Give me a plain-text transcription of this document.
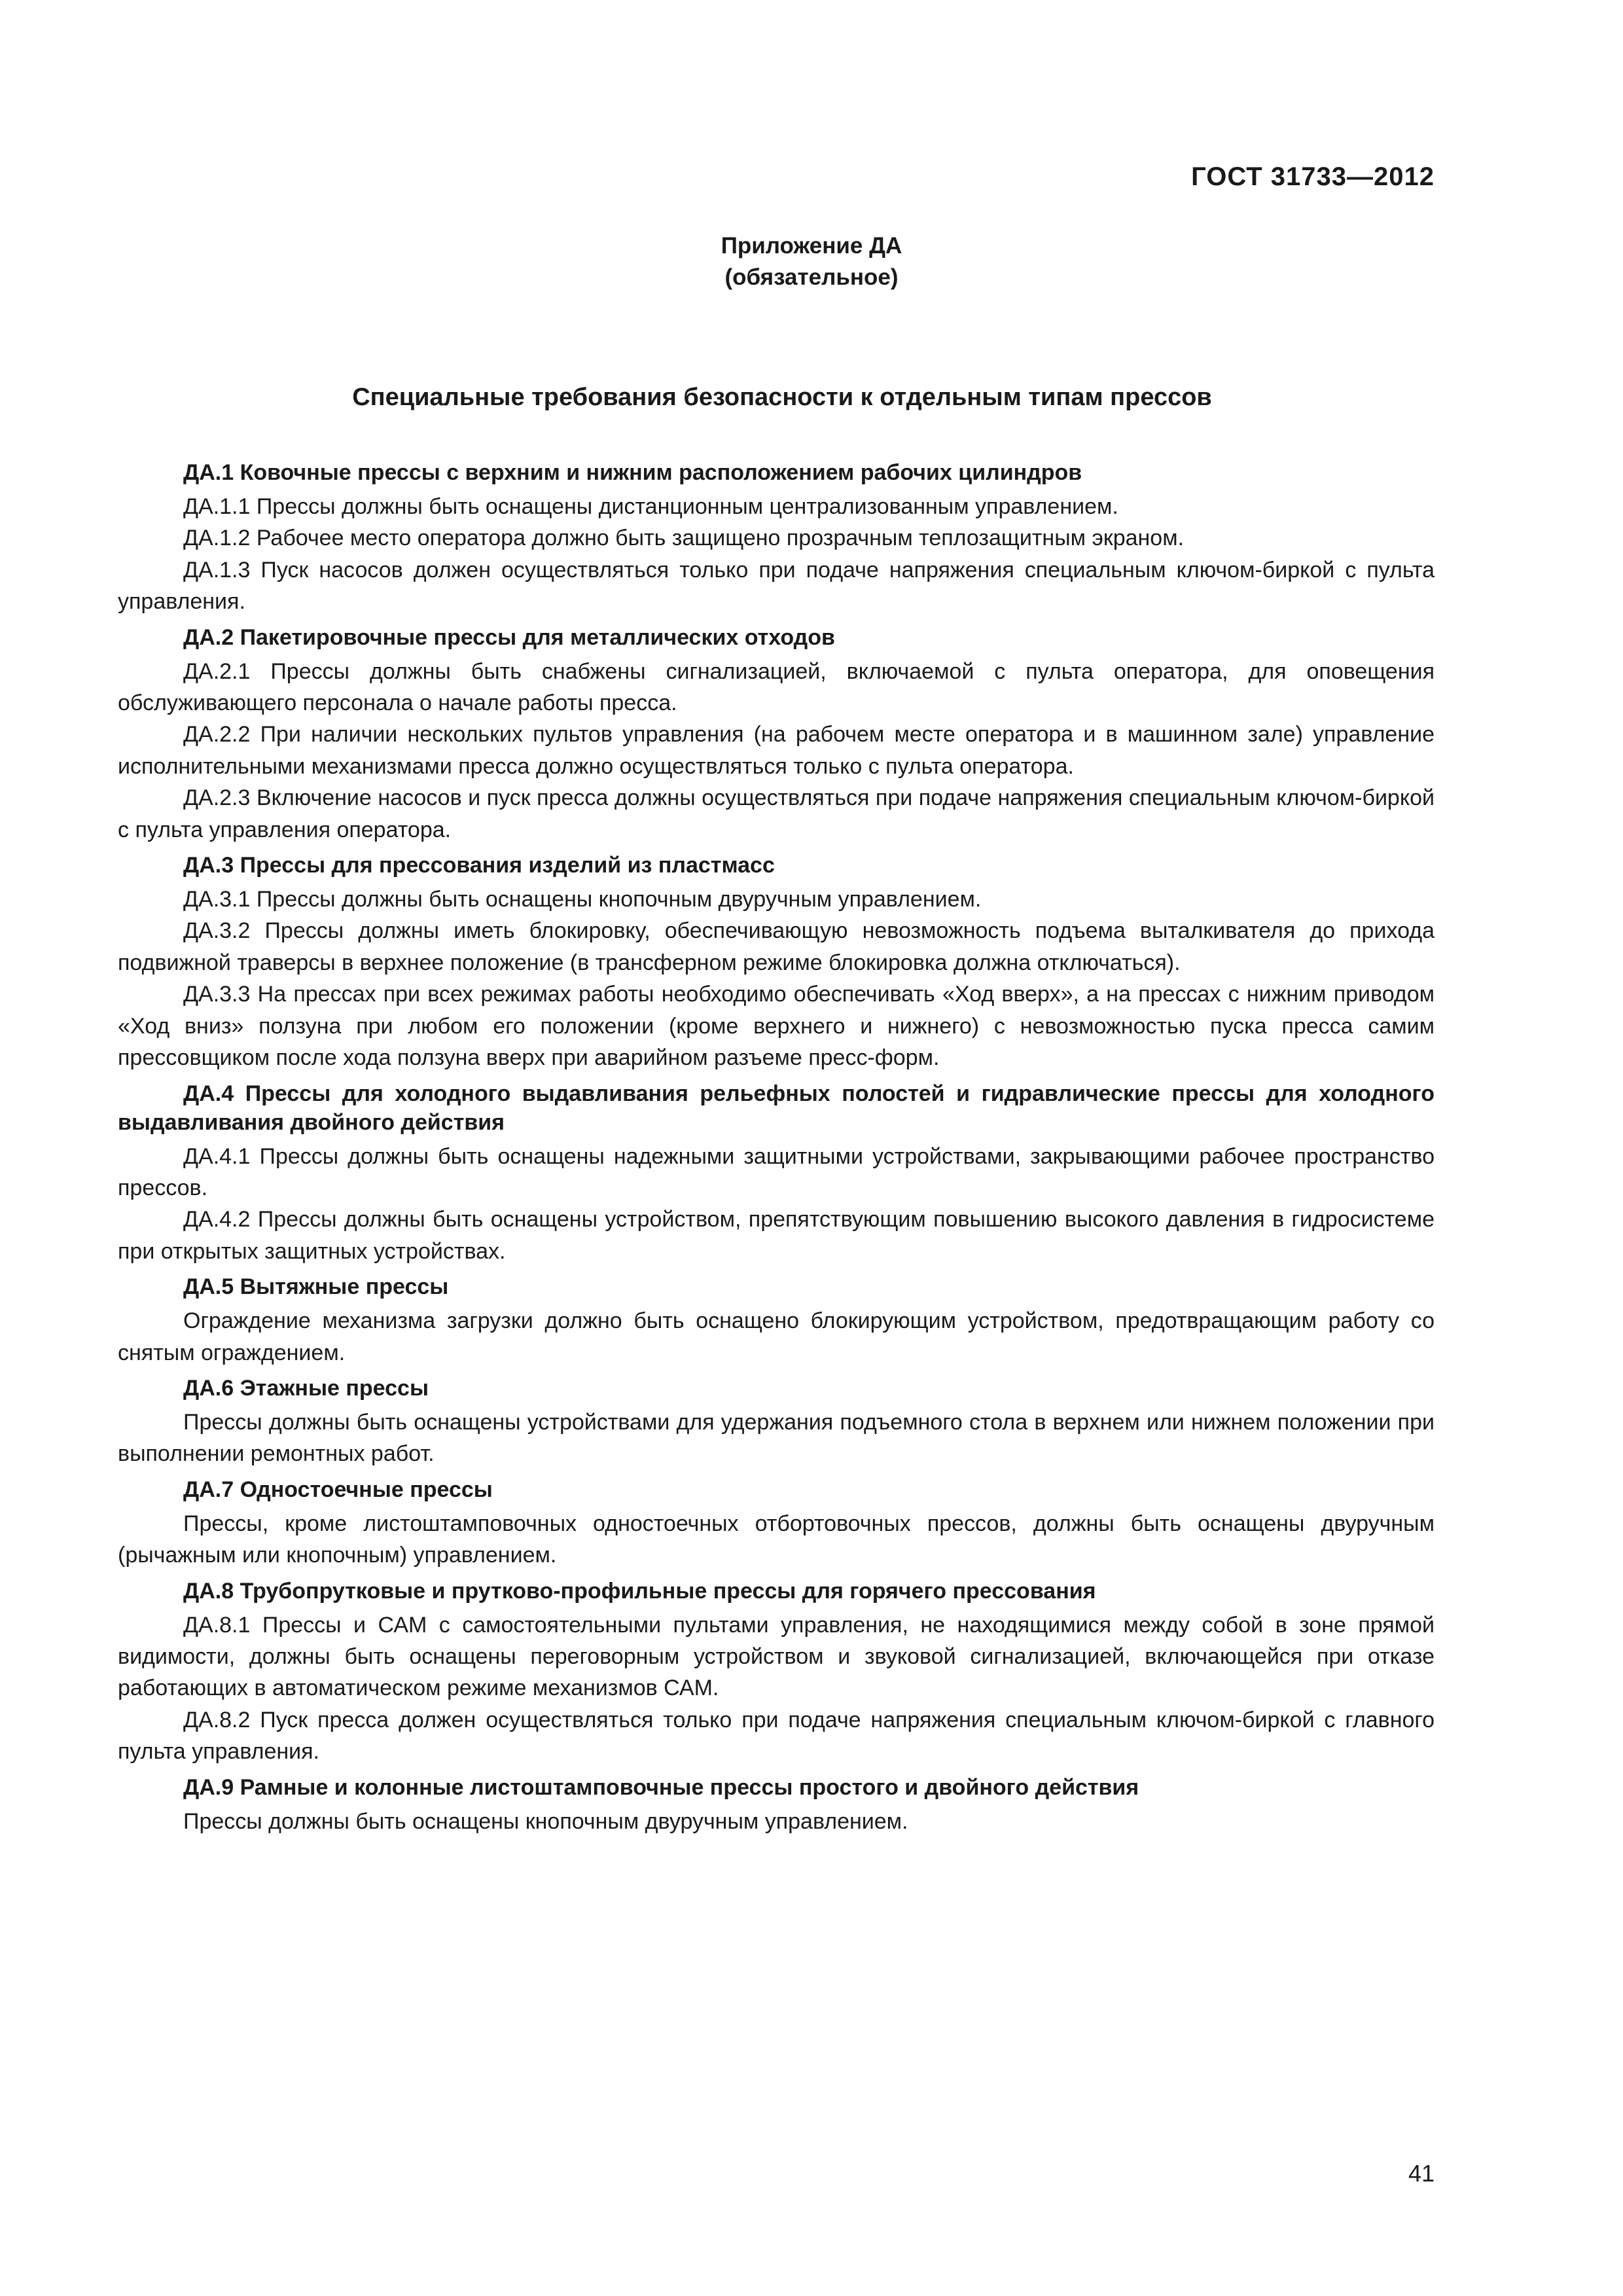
ГОСТ 31733—2012
Приложение ДА
(обязательное)
Специальные требования безопасности к отдельным типам прессов
ДА.1 Ковочные прессы с верхним и нижним расположением рабочих цилиндров

ДА.1.1 Прессы должны быть оснащены дистанционным централизованным управлением.

ДА.1.2 Рабочее место оператора должно быть защищено прозрачным теплозащитным экраном.

ДА.1.3 Пуск насосов должен осуществляться только при подаче напряжения специальным ключом-биркой с пульта управления.

ДА.2 Пакетировочные прессы для металлических отходов

ДА.2.1 Прессы должны быть снабжены сигнализацией, включаемой с пульта оператора, для оповещения обслуживающего персонала о начале работы пресса.

ДА.2.2 При наличии нескольких пультов управления (на рабочем месте оператора и в машинном зале) управление исполнительными механизмами пресса должно осуществляться только с пульта оператора.

ДА.2.3 Включение насосов и пуск пресса должны осуществляться при подаче напряжения специальным ключом-биркой с пульта управления оператора.

ДА.3 Прессы для прессования изделий из пластмасс

ДА.3.1 Прессы должны быть оснащены кнопочным двуручным управлением.

ДА.3.2 Прессы должны иметь блокировку, обеспечивающую невозможность подъема выталкивателя до прихода подвижной траверсы в верхнее положение (в трансферном режиме блокировка должна отключаться).

ДА.3.3 На прессах при всех режимах работы необходимо обеспечивать «Ход вверх», а на прессах с нижним приводом «Ход вниз» ползуна при любом его положении (кроме верхнего и нижнего) с невозможностью пуска пресса самим прессовщиком после хода ползуна вверх при аварийном разъеме пресс-форм.

ДА.4 Прессы для холодного выдавливания рельефных полостей и гидравлические прессы для холодного выдавливания двойного действия

ДА.4.1 Прессы должны быть оснащены надежными защитными устройствами, закрывающими рабочее пространство прессов.

ДА.4.2 Прессы должны быть оснащены устройством, препятствующим повышению высокого давления в гидросистеме при открытых защитных устройствах.

ДА.5 Вытяжные прессы

Ограждение механизма загрузки должно быть оснащено блокирующим устройством, предотвращающим работу со снятым ограждением.

ДА.6 Этажные прессы

Прессы должны быть оснащены устройствами для удержания подъемного стола в верхнем или нижнем положении при выполнении ремонтных работ.

ДА.7 Одностоечные прессы

Прессы, кроме листоштамповочных одностоечных отбортовочных прессов, должны быть оснащены двуручным (рычажным или кнопочным) управлением.

ДА.8 Трубопрутковые и прутково-профильные прессы для горячего прессования

ДА.8.1 Прессы и САМ с самостоятельными пультами управления, не находящимися между собой в зоне прямой видимости, должны быть оснащены переговорным устройством и звуковой сигнализацией, включающейся при отказе работающих в автоматическом режиме механизмов САМ.

ДА.8.2 Пуск пресса должен осуществляться только при подаче напряжения специальным ключом-биркой с главного пульта управления.

ДА.9 Рамные и колонные листоштамповочные прессы простого и двойного действия

Прессы должны быть оснащены кнопочным двуручным управлением.

41
